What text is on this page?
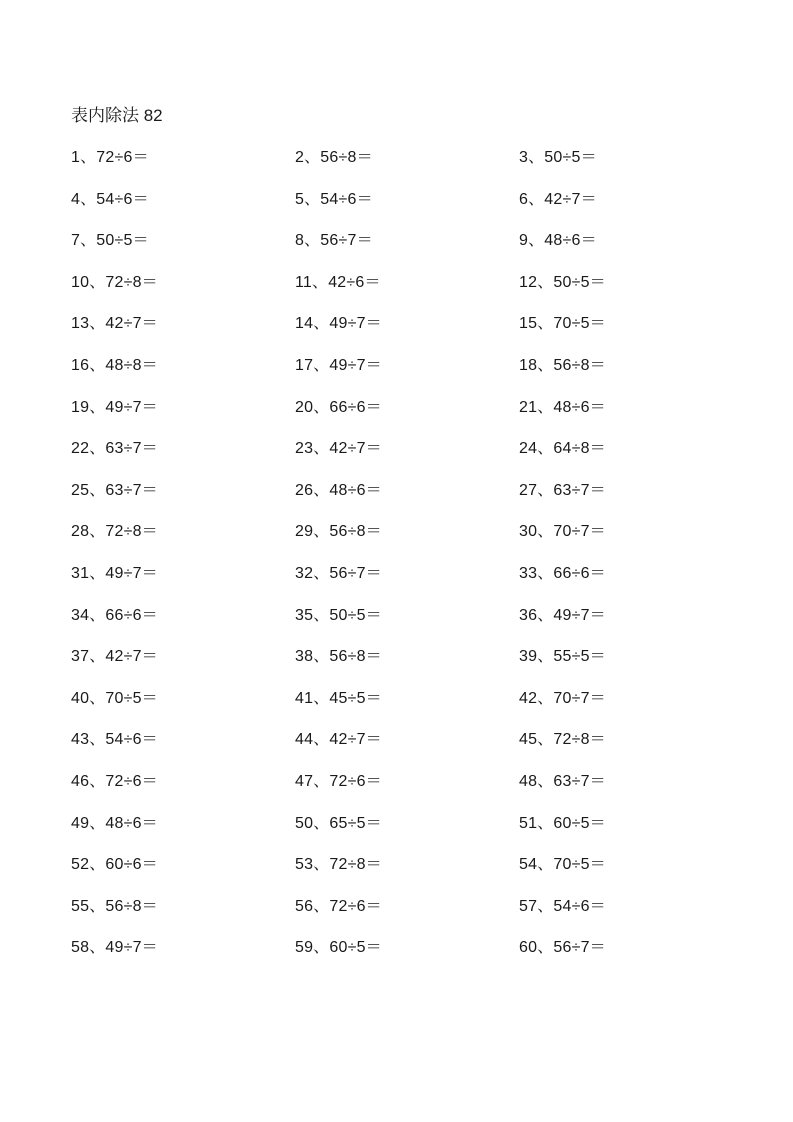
表内除法 82
1、72÷6＝	2、56÷8＝	3、50÷5＝
4、54÷6＝	5、54÷6＝	6、42÷7＝
7、50÷5＝	8、56÷7＝	9、48÷6＝
10、72÷8＝	11、42÷6＝	12、50÷5＝
13、42÷7＝	14、49÷7＝	15、70÷5＝
16、48÷8＝	17、49÷7＝	18、56÷8＝
19、49÷7＝	20、66÷6＝	21、48÷6＝
22、63÷7＝	23、42÷7＝	24、64÷8＝
25、63÷7＝	26、48÷6＝	27、63÷7＝
28、72÷8＝	29、56÷8＝	30、70÷7＝
31、49÷7＝	32、56÷7＝	33、66÷6＝
34、66÷6＝	35、50÷5＝	36、49÷7＝
37、42÷7＝	38、56÷8＝	39、55÷5＝
40、70÷5＝	41、45÷5＝	42、70÷7＝
43、54÷6＝	44、42÷7＝	45、72÷8＝
46、72÷6＝	47、72÷6＝	48、63÷7＝
49、48÷6＝	50、65÷5＝	51、60÷5＝
52、60÷6＝	53、72÷8＝	54、70÷5＝
55、56÷8＝	56、72÷6＝	57、54÷6＝
58、49÷7＝	59、60÷5＝	60、56÷7＝
